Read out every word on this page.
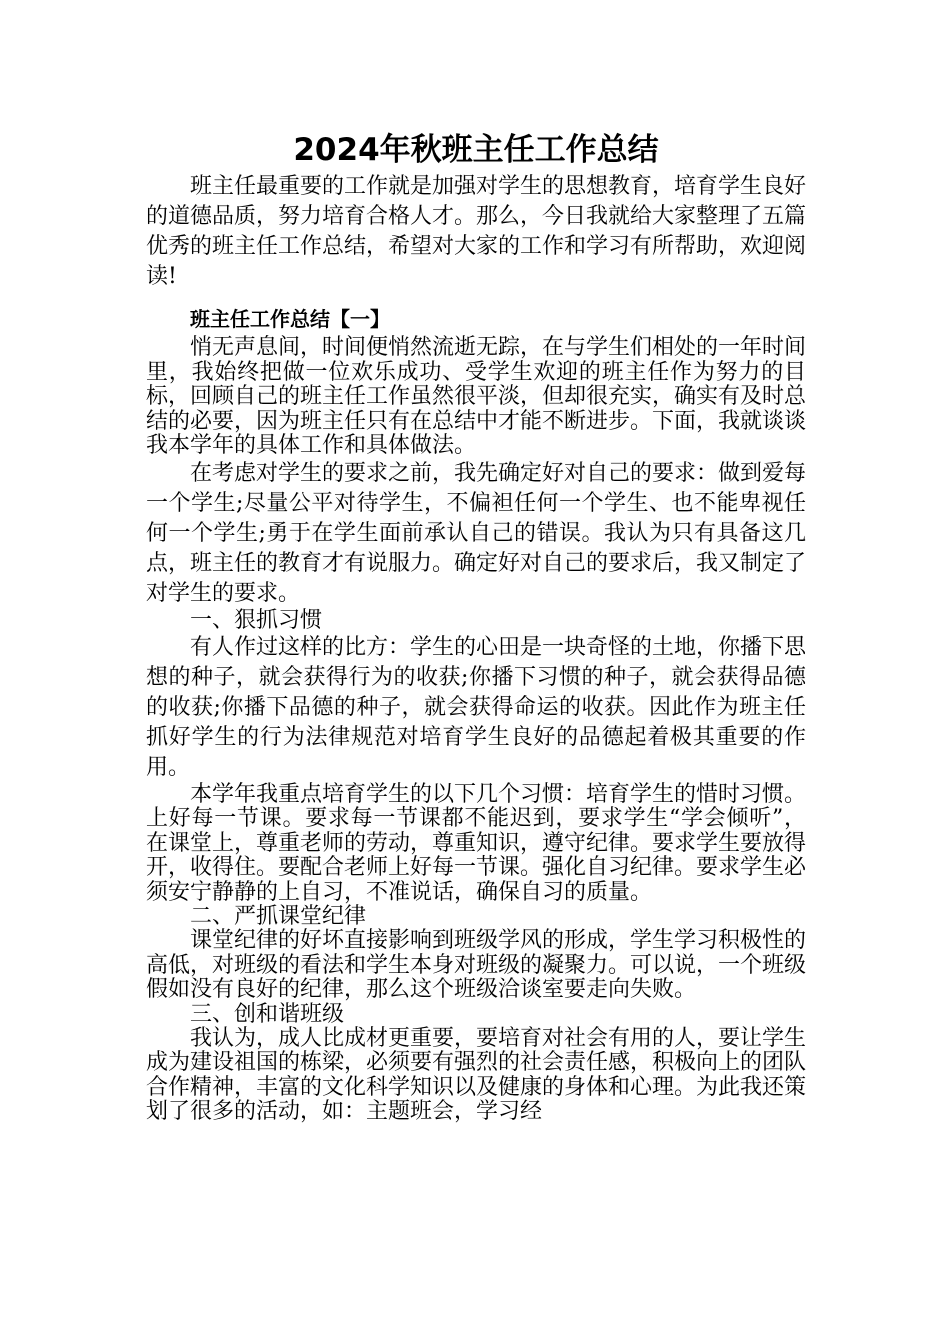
2024年秋班主任工作总结

班主任最重要的工作就是加强对学生的思想教育，培育学生良好的道德品质，努力培育合格人才。那么，今日我就给大家整理了五篇优秀的班主任工作总结，希望对大家的工作和学习有所帮助，欢迎阅读!

班主任工作总结【一】

悄无声息间，时间便悄然流逝无踪，在与学生们相处的一年时间里，我始终把做一位欢乐成功、受学生欢迎的班主任作为努力的目标，回顾自己的班主任工作虽然很平淡，但却很充实，确实有及时总结的必要，因为班主任只有在总结中才能不断进步。下面，我就谈谈我本学年的具体工作和具体做法。

在考虑对学生的要求之前，我先确定好对自己的要求：做到爱每一个学生;尽量公平对待学生，不偏袒任何一个学生、也不能卑视任何一个学生;勇于在学生面前承认自己的错误。我认为只有具备这几点，班主任的教育才有说服力。确定好对自己的要求后，我又制定了对学生的要求。

一、狠抓习惯

有人作过这样的比方：学生的心田是一块奇怪的土地，你播下思想的种子，就会获得行为的收获;你播下习惯的种子，就会获得品德的收获;你播下品德的种子，就会获得命运的收获。因此作为班主任抓好学生的行为法律规范对培育学生良好的品德起着极其重要的作用。

本学年我重点培育学生的以下几个习惯：培育学生的惜时习惯。上好每一节课。要求每一节课都不能迟到，要求学生“学会倾听”，在课堂上，尊重老师的劳动，尊重知识，遵守纪律。要求学生要放得开，收得住。要配合老师上好每一节课。强化自习纪律。要求学生必须安宁静静的上自习，不准说话，确保自习的质量。

二、严抓课堂纪律

课堂纪律的好坏直接影响到班级学风的形成，学生学习积极性的高低，对班级的看法和学生本身对班级的凝聚力。可以说，一个班级假如没有良好的纪律，那么这个班级洽谈室要走向失败。

三、创和谐班级

我认为，成人比成材更重要，要培育对社会有用的人，要让学生成为建设祖国的栋梁，必须要有强烈的社会责任感，积极向上的团队合作精神，丰富的文化科学知识以及健康的身体和心理。为此我还策划了很多的活动，如：主题班会，学习经
